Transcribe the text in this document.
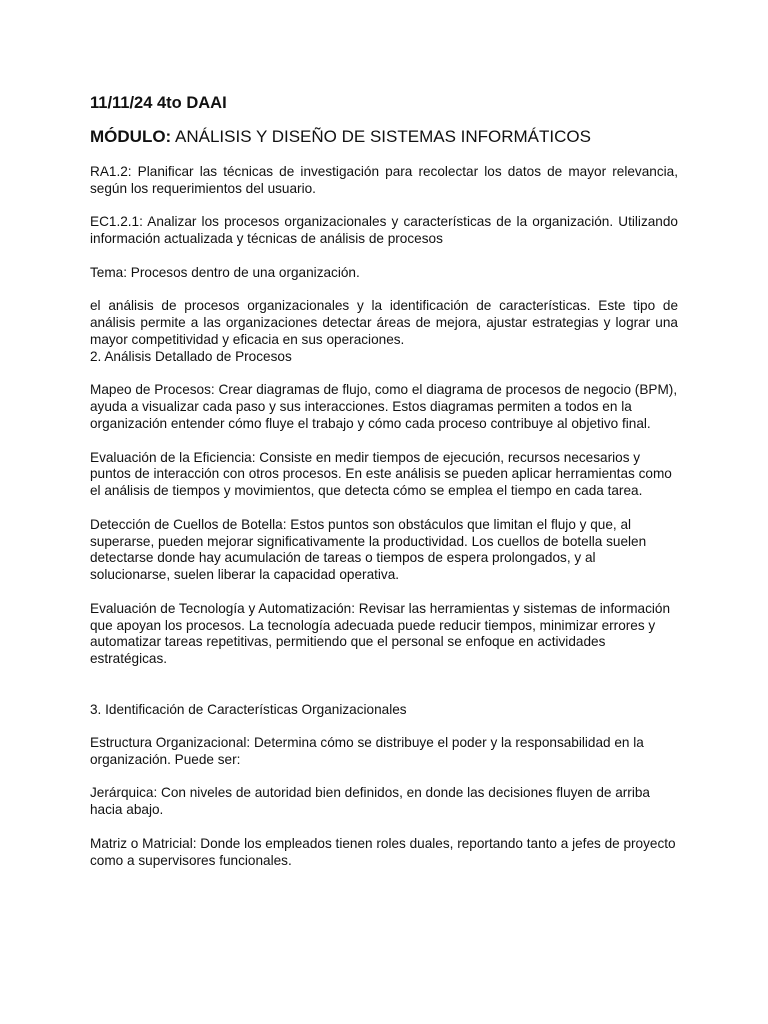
11/11/24 4to DAAI
MÓDULO: ANÁLISIS Y DISEÑO DE SISTEMAS INFORMÁTICOS

RA1.2: Planificar las técnicas de investigación para recolectar los datos de mayor relevancia, según los requerimientos del usuario.

EC1.2.1: Analizar los procesos organizacionales y características de la organización. Utilizando información actualizada y técnicas de análisis de procesos

Tema: Procesos dentro de una organización.

el análisis de procesos organizacionales y la identificación de características. Este tipo de análisis permite a las organizaciones detectar áreas de mejora, ajustar estrategias y lograr una mayor competitividad y eficacia en sus operaciones.

2. Análisis Detallado de Procesos

Mapeo de Procesos: Crear diagramas de flujo, como el diagrama de procesos de negocio (BPM), ayuda a visualizar cada paso y sus interacciones. Estos diagramas permiten a todos en la organización entender cómo fluye el trabajo y cómo cada proceso contribuye al objetivo final.

Evaluación de la Eficiencia: Consiste en medir tiempos de ejecución, recursos necesarios y puntos de interacción con otros procesos. En este análisis se pueden aplicar herramientas como el análisis de tiempos y movimientos, que detecta cómo se emplea el tiempo en cada tarea.

Detección de Cuellos de Botella: Estos puntos son obstáculos que limitan el flujo y que, al superarse, pueden mejorar significativamente la productividad. Los cuellos de botella suelen detectarse donde hay acumulación de tareas o tiempos de espera prolongados, y al solucionarse, suelen liberar la capacidad operativa.

Evaluación de Tecnología y Automatización: Revisar las herramientas y sistemas de información que apoyan los procesos. La tecnología adecuada puede reducir tiempos, minimizar errores y automatizar tareas repetitivas, permitiendo que el personal se enfoque en actividades estratégicas.

3. Identificación de Características Organizacionales

Estructura Organizacional: Determina cómo se distribuye el poder y la responsabilidad en la organización. Puede ser:

Jerárquica: Con niveles de autoridad bien definidos, en donde las decisiones fluyen de arriba hacia abajo.

Matriz o Matricial: Donde los empleados tienen roles duales, reportando tanto a jefes de proyecto como a supervisores funcionales.
